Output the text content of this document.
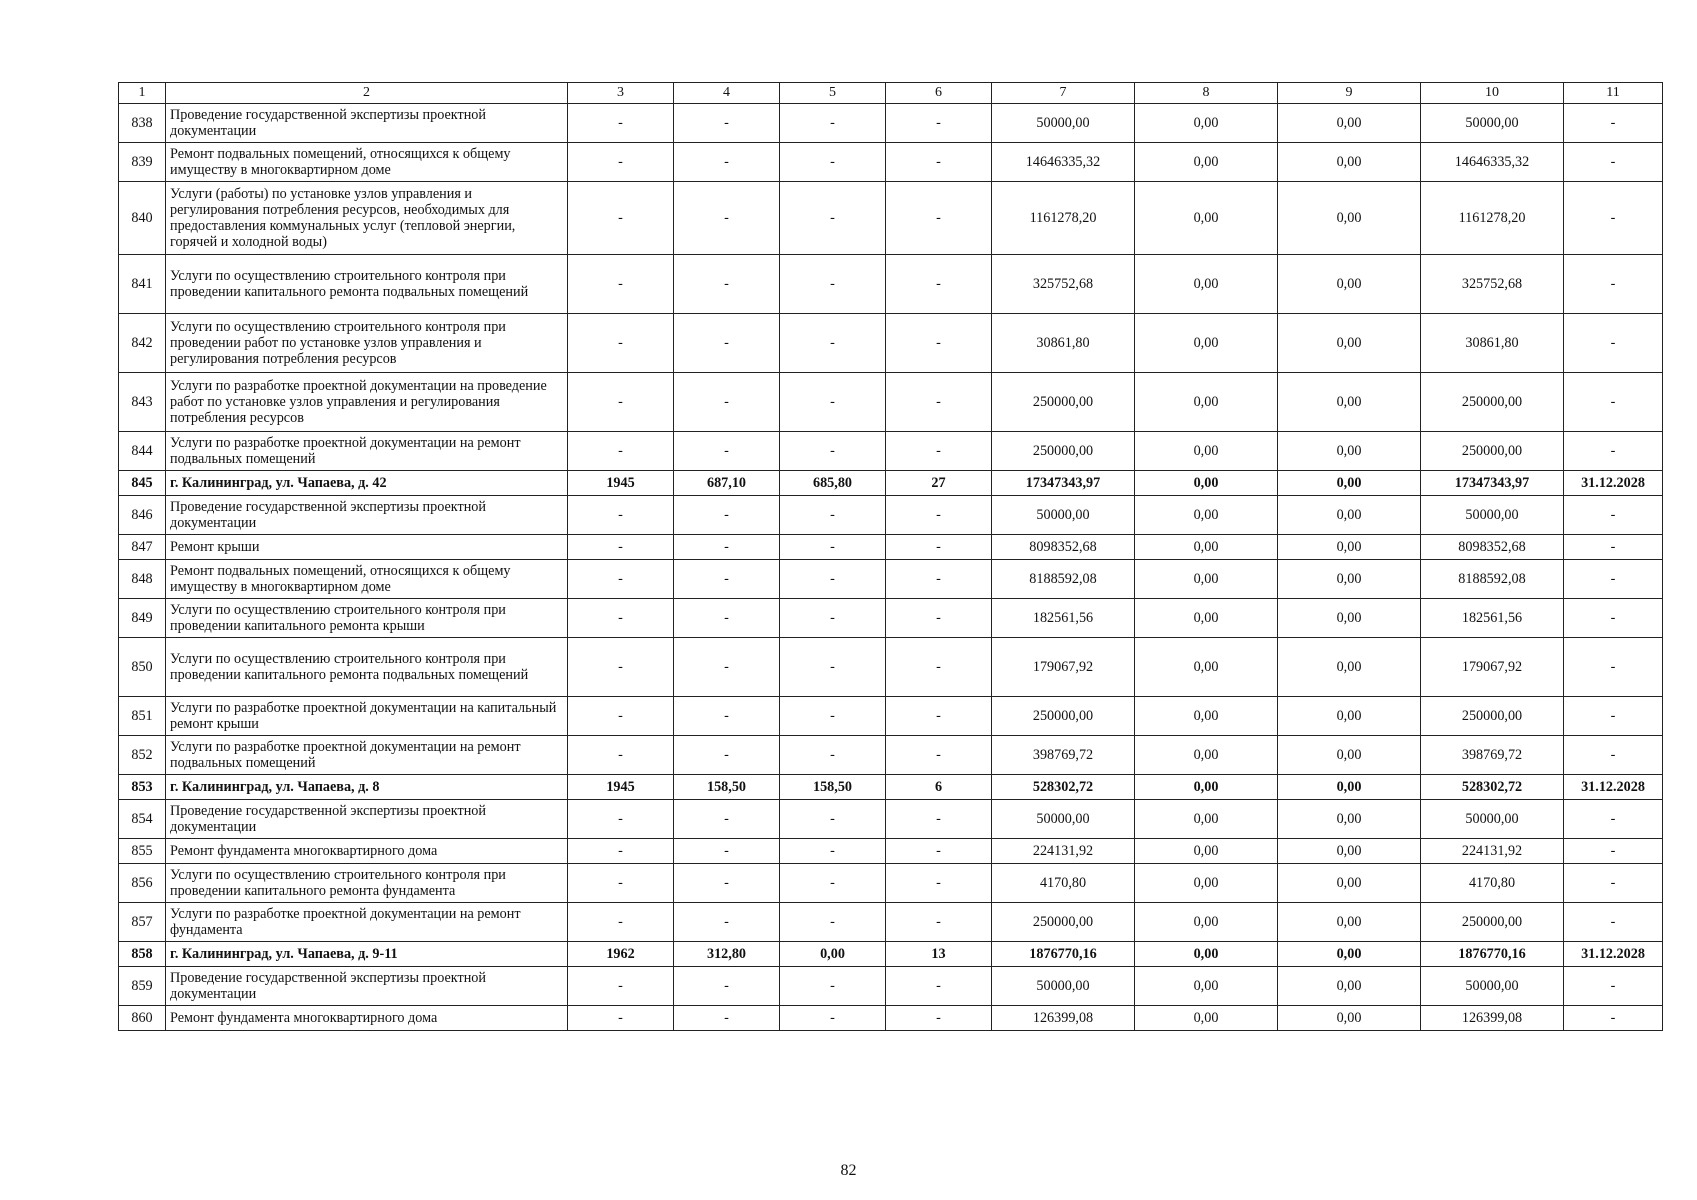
1	2	3	4	5	6	7	8	9	10	11
838	Проведение государственной экспертизы проектной документации	-	-	-	-	50000,00	0,00	0,00	50000,00	-
839	Ремонт подвальных помещений, относящихся к общему имуществу в многоквартирном доме	-	-	-	-	14646335,32	0,00	0,00	14646335,32	-
840	Услуги (работы) по установке узлов управления и регулирования потребления ресурсов, необходимых для предоставления коммунальных услуг (тепловой энергии, горячей и холодной воды)	-	-	-	-	1161278,20	0,00	0,00	1161278,20	-
841	Услуги по осуществлению строительного контроля при проведении капитального ремонта подвальных помещений	-	-	-	-	325752,68	0,00	0,00	325752,68	-
842	Услуги по осуществлению строительного контроля при проведении работ по установке узлов управления и регулирования потребления ресурсов	-	-	-	-	30861,80	0,00	0,00	30861,80	-
843	Услуги по разработке проектной документации на проведение работ по установке узлов управления и регулирования потребления ресурсов	-	-	-	-	250000,00	0,00	0,00	250000,00	-
844	Услуги по разработке проектной документации на ремонт подвальных помещений	-	-	-	-	250000,00	0,00	0,00	250000,00	-
845	г. Калининград, ул. Чапаева, д. 42	1945	687,10	685,80	27	17347343,97	0,00	0,00	17347343,97	31.12.2028
846	Проведение государственной экспертизы проектной документации	-	-	-	-	50000,00	0,00	0,00	50000,00	-
847	Ремонт крыши	-	-	-	-	8098352,68	0,00	0,00	8098352,68	-
848	Ремонт подвальных помещений, относящихся к общему имуществу в многоквартирном доме	-	-	-	-	8188592,08	0,00	0,00	8188592,08	-
849	Услуги по осуществлению строительного контроля при проведении капитального ремонта крыши	-	-	-	-	182561,56	0,00	0,00	182561,56	-
850	Услуги по осуществлению строительного контроля при проведении капитального ремонта подвальных помещений	-	-	-	-	179067,92	0,00	0,00	179067,92	-
851	Услуги по разработке проектной документации на капитальный ремонт крыши	-	-	-	-	250000,00	0,00	0,00	250000,00	-
852	Услуги по разработке проектной документации на ремонт подвальных помещений	-	-	-	-	398769,72	0,00	0,00	398769,72	-
853	г. Калининград, ул. Чапаева, д. 8	1945	158,50	158,50	6	528302,72	0,00	0,00	528302,72	31.12.2028
854	Проведение государственной экспертизы проектной документации	-	-	-	-	50000,00	0,00	0,00	50000,00	-
855	Ремонт фундамента многоквартирного дома	-	-	-	-	224131,92	0,00	0,00	224131,92	-
856	Услуги по осуществлению строительного контроля при проведении капитального ремонта фундамента	-	-	-	-	4170,80	0,00	0,00	4170,80	-
857	Услуги по разработке проектной документации на ремонт фундамента	-	-	-	-	250000,00	0,00	0,00	250000,00	-
858	г. Калининград, ул. Чапаева, д. 9-11	1962	312,80	0,00	13	1876770,16	0,00	0,00	1876770,16	31.12.2028
859	Проведение государственной экспертизы проектной документации	-	-	-	-	50000,00	0,00	0,00	50000,00	-
860	Ремонт фундамента многоквартирного дома	-	-	-	-	126399,08	0,00	0,00	126399,08	-
82
